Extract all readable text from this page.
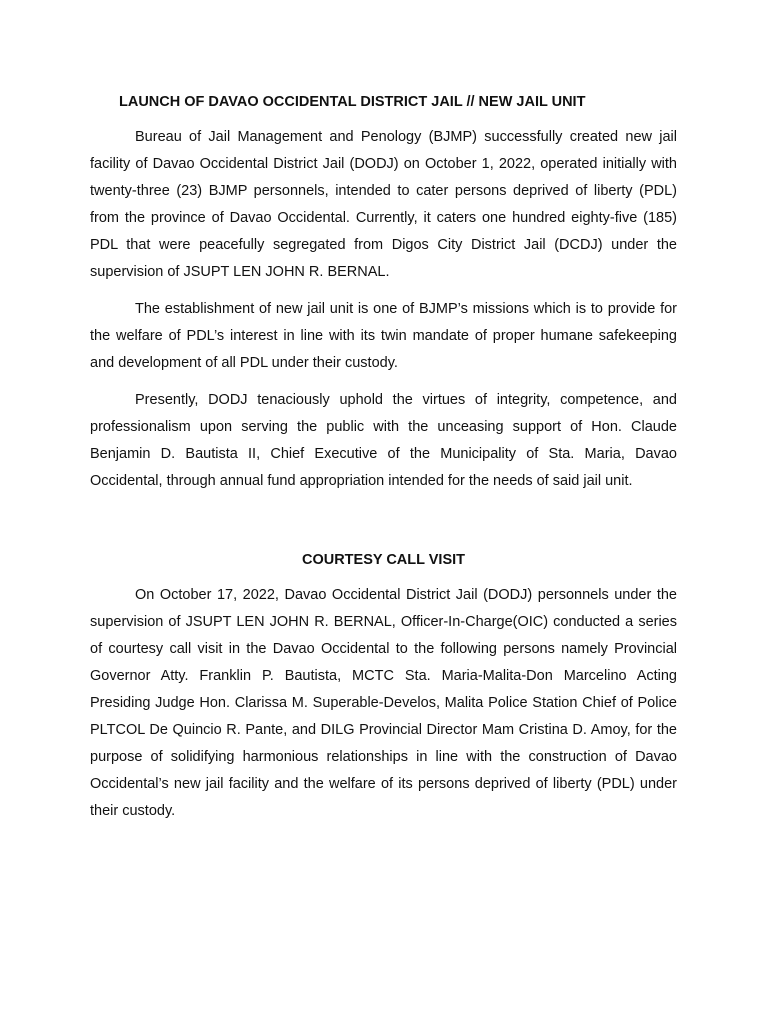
LAUNCH OF DAVAO OCCIDENTAL DISTRICT JAIL // NEW JAIL UNIT

Bureau of Jail Management and Penology (BJMP) successfully created new jail facility of Davao Occidental District Jail (DODJ) on October 1, 2022, operated initially with twenty-three (23) BJMP personnels, intended to cater persons deprived of liberty (PDL) from the province of Davao Occidental. Currently, it caters one hundred eighty-five (185) PDL that were peacefully segregated from Digos City District Jail (DCDJ) under the supervision of JSUPT LEN JOHN R. BERNAL.

The establishment of new jail unit is one of BJMP’s missions which is to provide for the welfare of PDL’s interest in line with its twin mandate of proper humane safekeeping and development of all PDL under their custody.

Presently, DODJ tenaciously uphold the virtues of integrity, competence, and professionalism upon serving the public with the unceasing support of Hon. Claude Benjamin D. Bautista II, Chief Executive of the Municipality of Sta. Maria, Davao Occidental, through annual fund appropriation intended for the needs of said jail unit.

COURTESY CALL VISIT

On October 17, 2022, Davao Occidental District Jail (DODJ) personnels under the supervision of JSUPT LEN JOHN R. BERNAL, Officer-In-Charge(OIC) conducted a series of courtesy call visit in the Davao Occidental to the following persons namely Provincial Governor Atty. Franklin P. Bautista, MCTC Sta. Maria-Malita-Don Marcelino Acting Presiding Judge Hon. Clarissa M. Superable-Develos, Malita Police Station Chief of Police PLTCOL De Quincio R. Pante, and DILG Provincial Director Mam Cristina D. Amoy, for the purpose of solidifying harmonious relationships in line with the construction of Davao Occidental’s new jail facility and the welfare of its persons deprived of liberty (PDL) under their custody.
